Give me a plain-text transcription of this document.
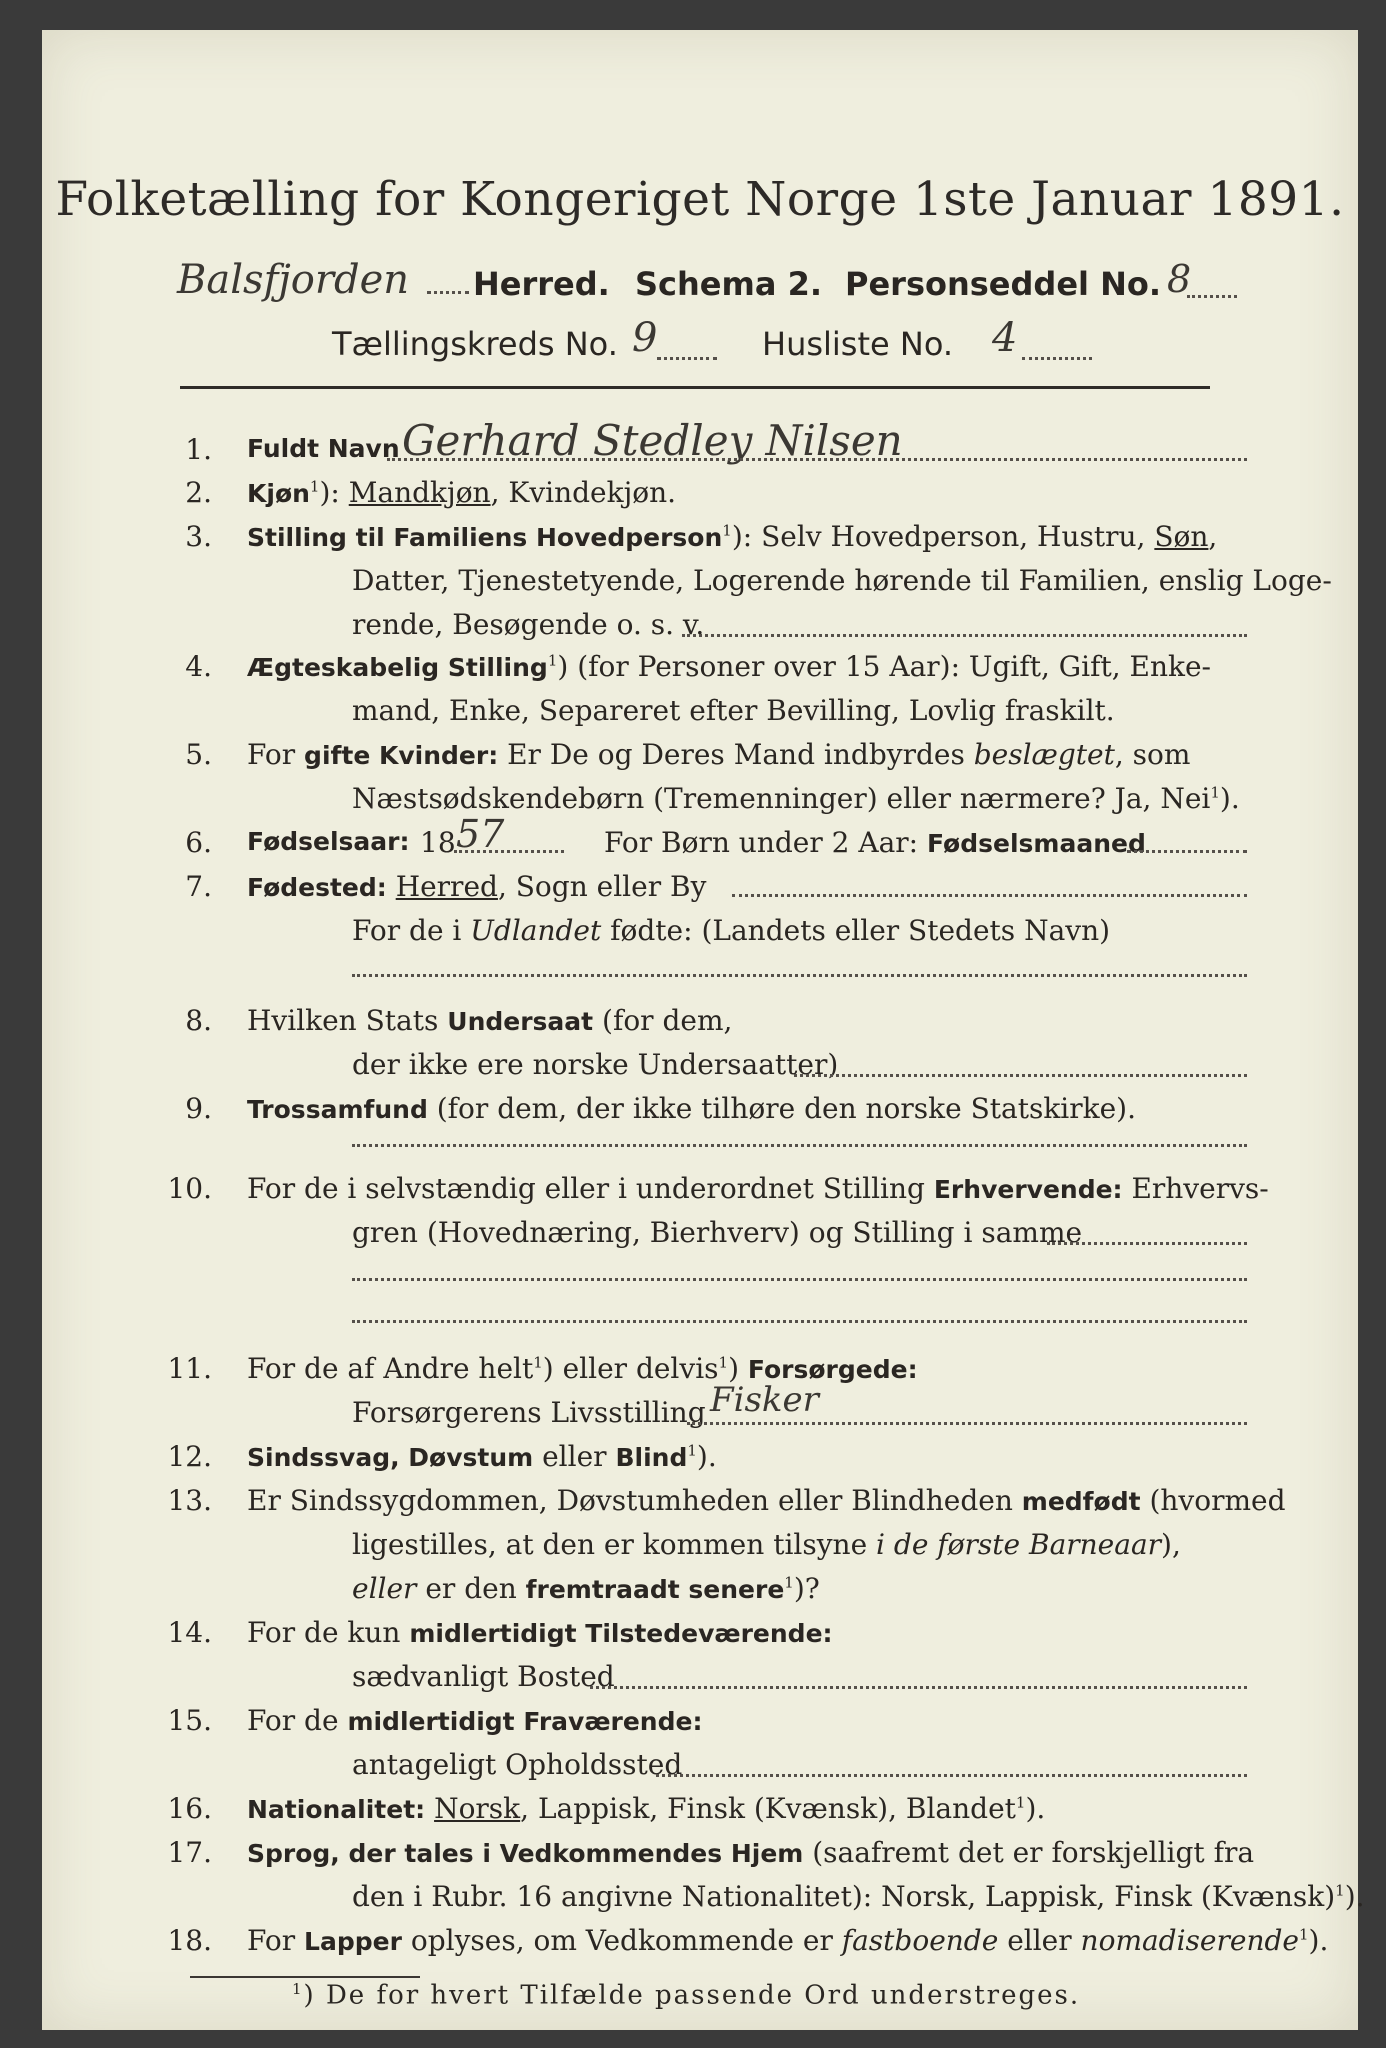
Folketælling for Kongeriget Norge 1ste Januar 1891.
Balsfjorden Herred. Schema 2. Personseddel No. 8
Tællingskreds No. 9	Husliste No. 4
1. Fuldt Navn Gerhard Stedley Nilsen
2. Kjøn$^1$): Mandkjøn, Kvindekjøn.
3. Stilling til Familiens Hovedperson$^1$): Selv Hovedperson, Hustru, Søn,
Datter, Tjenestetyende, Logerende hørende til Familien, enslig Loge-
rende, Besøgende o. s. v.
4. Ægteskabelig Stilling$^1$) (for Personer over 15 Aar): Ugift, Gift, Enke-
mand, Enke, Separeret efter Bevilling, Lovlig fraskilt.
5. For gifte Kvinder: Er De og Deres Mand indbyrdes beslægtet, som
Næstsødskendebørn (Tremenninger) eller nærmere? Ja, Nei$^1$).
6. Fødselsaar: 18 57	For Børn under 2 Aar: Fødselsmaaned
7. Fødested: Herred, Sogn eller By
For de i Udlandet fødte: (Landets eller Stedets Navn)
8. Hvilken Stats Undersaat (for dem,
der ikke ere norske Undersaatter)
9. Trossamfund (for dem, der ikke tilhøre den norske Statskirke).
10. For de i selvstændig eller i underordnet Stilling Erhvervende: Erhvervs-
gren (Hovednæring, Bierhverv) og Stilling i samme
11. For de af Andre helt$^1$) eller delvis$^1$) Forsørgede:
Forsørgerens Livsstilling Fisker
12. Sindssvag, Døvstum eller Blind$^1$).
13. Er Sindssygdommen, Døvstumheden eller Blindheden medfødt (hvormed
ligestilles, at den er kommen tilsyne i de første Barneaar),
eller er den fremtraadt senere$^1$)?
14. For de kun midlertidigt Tilstedeværende:
sædvanligt Bosted
15. For de midlertidigt Fraværende:
antageligt Opholdssted
16. Nationalitet: Norsk, Lappisk, Finsk (Kvænsk), Blandet$^1$).
17. Sprog, der tales i Vedkommendes Hjem (saafremt det er forskjelligt fra
den i Rubr. 16 angivne Nationalitet): Norsk, Lappisk, Finsk (Kvænsk)$^1$).
18. For Lapper oplyses, om Vedkommende er fastboende eller nomadiserende$^1$).
$^1$) De for hvert Tilfælde passende Ord understreges.
